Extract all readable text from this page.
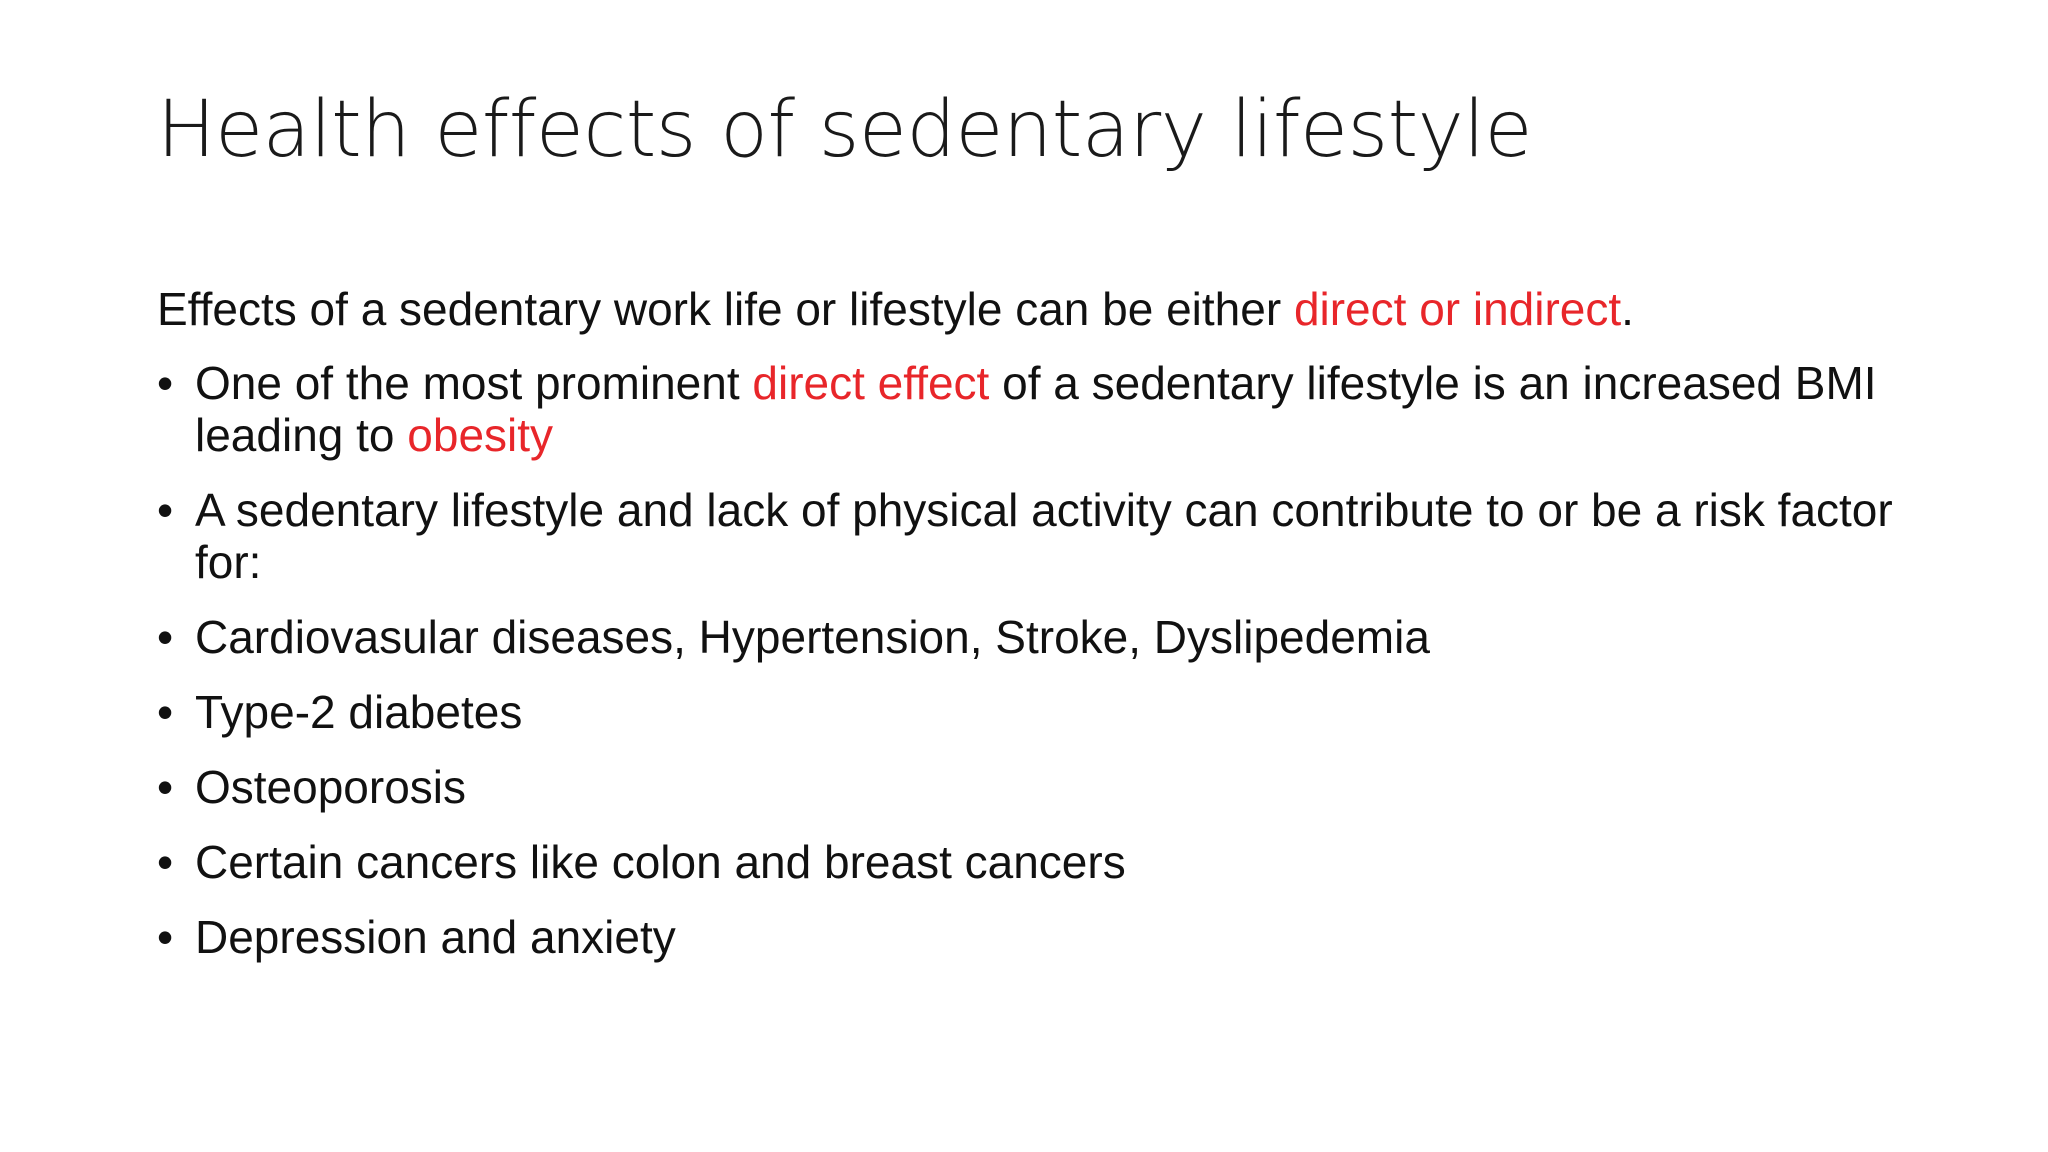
Health effects of sedentary lifestyle

Effects of a sedentary work life or lifestyle can be either direct or indirect.

• One of the most prominent direct effect of a sedentary lifestyle is an increased BMI leading to obesity
• A sedentary lifestyle and lack of physical activity can contribute to or be a risk factor for:
• Cardiovasular diseases, Hypertension, Stroke, Dyslipedemia
• Type-2 diabetes
• Osteoporosis
• Certain cancers like colon and breast cancers
• Depression and anxiety
